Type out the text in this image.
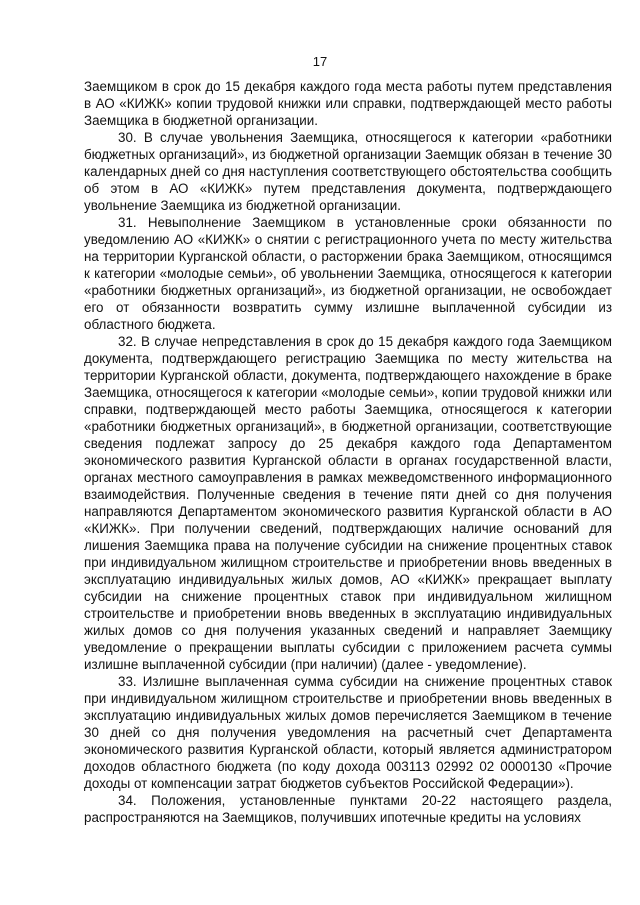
17

Заемщиком в срок до 15 декабря каждого года места работы путем представления в АО «КИЖК» копии трудовой книжки или справки, подтверждающей место работы Заемщика в бюджетной организации.

30. В случае увольнения Заемщика, относящегося к категории «работники бюджетных организаций», из бюджетной организации Заемщик обязан в течение 30 календарных дней со дня наступления соответствующего обстоятельства сообщить об этом в АО «КИЖК» путем представления документа, подтверждающего увольнение Заемщика из бюджетной организации.

31. Невыполнение Заемщиком в установленные сроки обязанности по уведомлению АО «КИЖК» о снятии с регистрационного учета по месту жительства на территории Курганской области, о расторжении брака Заемщиком, относящимся к категории «молодые семьи», об увольнении Заемщика, относящегося к категории «работники бюджетных организаций», из бюджетной организации, не освобождает его от обязанности возвратить сумму излишне выплаченной субсидии из областного бюджета.

32. В случае непредставления в срок до 15 декабря каждого года Заемщиком документа, подтверждающего регистрацию Заемщика по месту жительства на территории Курганской области, документа, подтверждающего нахождение в браке Заемщика, относящегося к категории «молодые семьи», копии трудовой книжки или справки, подтверждающей место работы Заемщика, относящегося к категории «работники бюджетных организаций», в бюджетной организации, соответствующие сведения подлежат запросу до 25 декабря каждого года Департаментом экономического развития Курганской области в органах государственной власти, органах местного самоуправления в рамках межведомственного информационного взаимодействия. Полученные сведения в течение пяти дней со дня получения направляются Департаментом экономического развития Курганской области в АО «КИЖК». При получении сведений, подтверждающих наличие оснований для лишения Заемщика права на получение субсидии на снижение процентных ставок при индивидуальном жилищном строительстве и приобретении вновь введенных в эксплуатацию индивидуальных жилых домов, АО «КИЖК» прекращает выплату субсидии на снижение процентных ставок при индивидуальном жилищном строительстве и приобретении вновь введенных в эксплуатацию индивидуальных жилых домов со дня получения указанных сведений и направляет Заемщику уведомление о прекращении выплаты субсидии с приложением расчета суммы излишне выплаченной субсидии (при наличии) (далее - уведомление).

33. Излишне выплаченная сумма субсидии на снижение процентных ставок при индивидуальном жилищном строительстве и приобретении вновь введенных в эксплуатацию индивидуальных жилых домов перечисляется Заемщиком в течение 30 дней со дня получения уведомления на расчетный счет Департамента экономического развития Курганской области, который является администратором доходов областного бюджета (по коду дохода 003113 02992 02 0000130 «Прочие доходы от компенсации затрат бюджетов субъектов Российской Федерации»).

34. Положения, установленные пунктами 20-22 настоящего раздела, распространяются на Заемщиков, получивших ипотечные кредиты на условиях
